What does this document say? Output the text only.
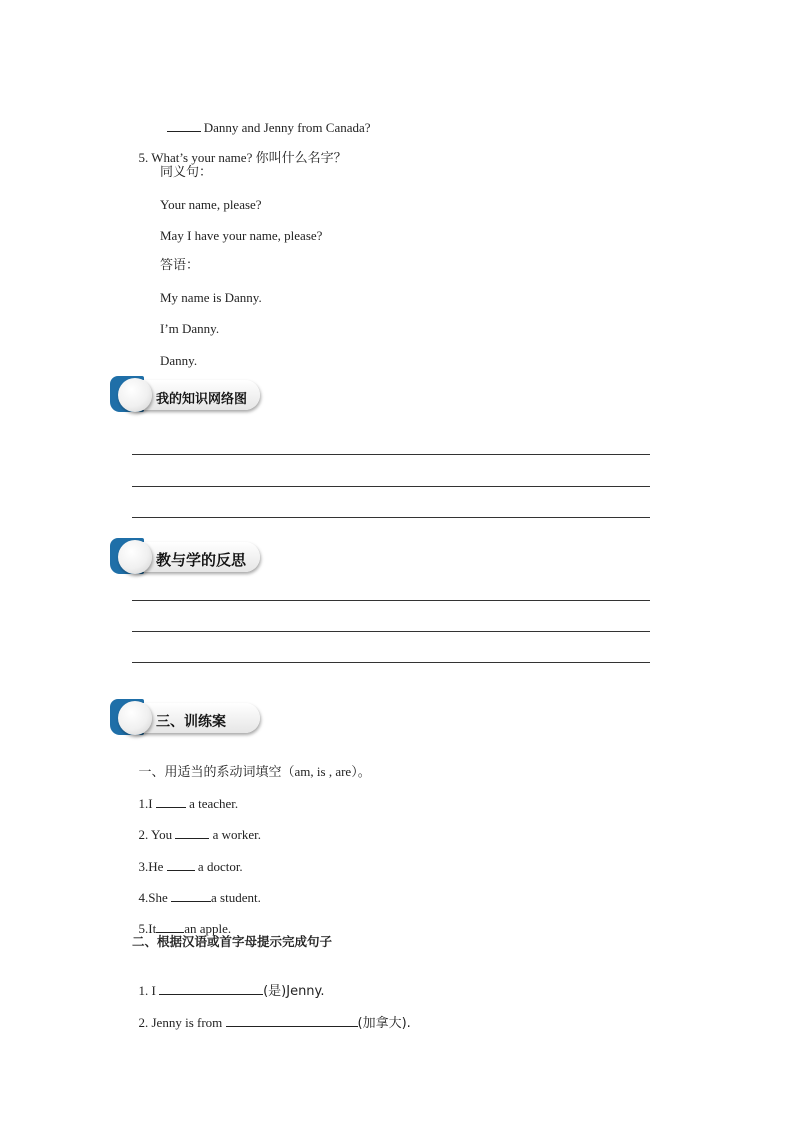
Danny and Jenny from Canada?

5. What’s your name? 你叫什么名字？

同义句：
Your name, please?
May I have your name, please?
答语：
My name is Danny.
I’m Danny.
Danny.
我的知识网络图
教与学的反思
三、训练案

一、用适当的系动词填空（am, is , are）。

1.I  a teacher.

2. You	a worker.

3.He  a doctor.

4.She	a student.

5.It an apple.

二、根据汉语或首字母提示完成句子

1. I	(是)Jenny.

2. Jenny is from	(加拿大).
